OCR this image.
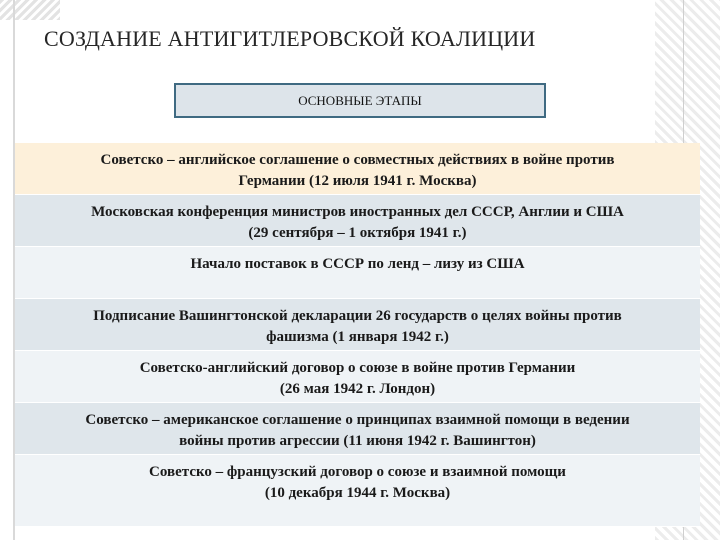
СОЗДАНИЕ АНТИГИТЛЕРОВСКОЙ КОАЛИЦИИ
ОСНОВНЫЕ ЭТАПЫ
Советско – английское соглашение о совместных действиях в войне против
Германии (12 июля 1941 г. Москва)
Московская конференция министров иностранных дел СССР, Англии и США
(29 сентября – 1 октября 1941 г.)
Начало поставок в СССР по ленд – лизу из США
Подписание Вашингтонской декларации 26 государств о целях войны против
фашизма (1 января 1942 г.)
Советско-английский договор о союзе в войне против Германии
(26 мая 1942 г. Лондон)
Советско – американское соглашение о принципах взаимной помощи в ведении
войны против агрессии (11 июня 1942 г. Вашингтон)
Советско – французский договор о союзе и взаимной помощи
(10 декабря 1944 г. Москва)
